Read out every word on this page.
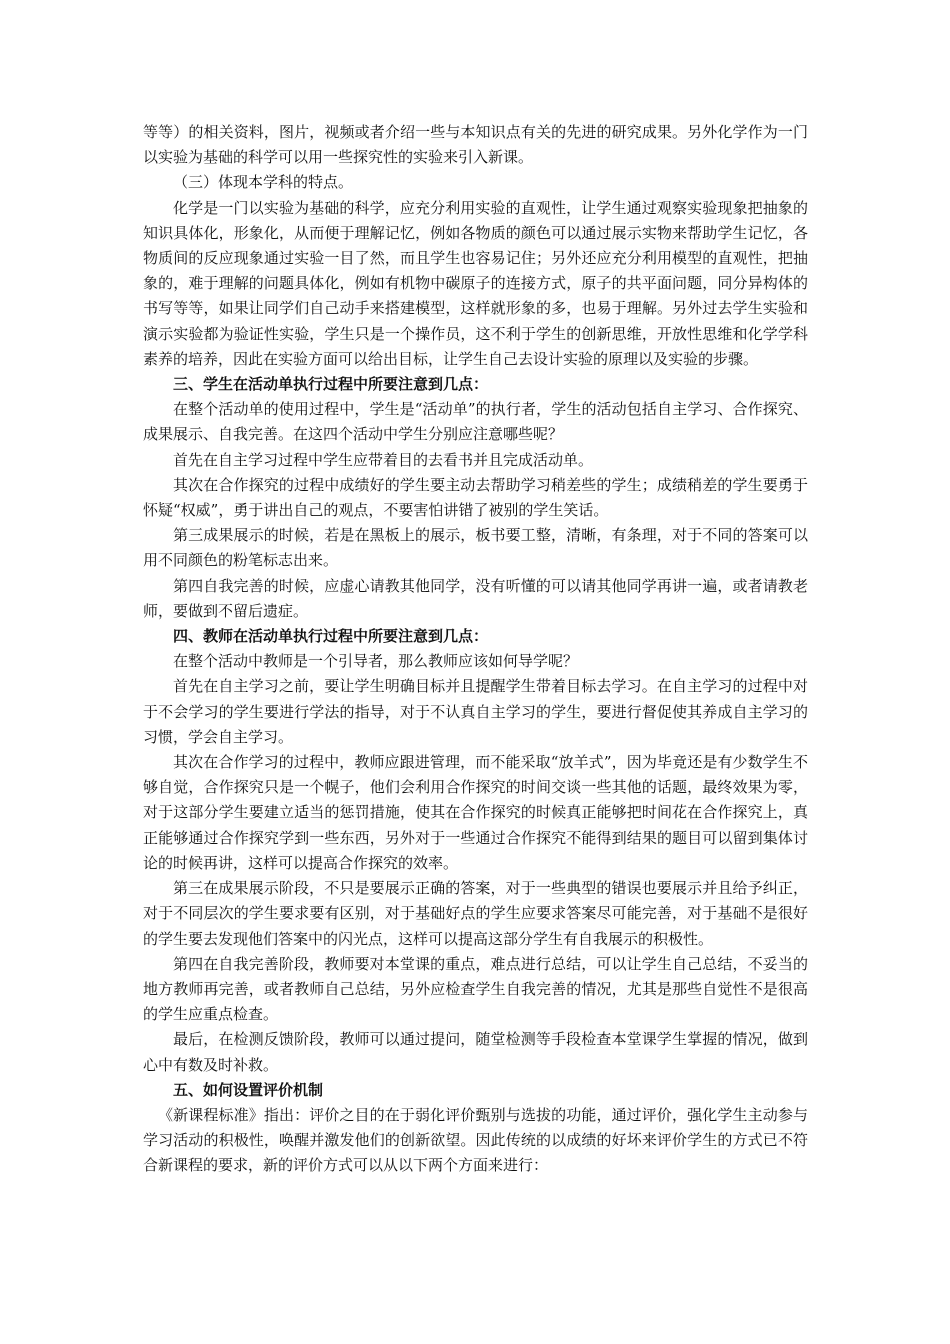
等等）的相关资料，图片，视频或者介绍一些与本知识点有关的先进的研究成果。另外化学作为一门以实验为基础的科学可以用一些探究性的实验来引入新课。

（三）体现本学科的特点。

化学是一门以实验为基础的科学，应充分利用实验的直观性，让学生通过观察实验现象把抽象的知识具体化，形象化，从而便于理解记忆，例如各物质的颜色可以通过展示实物来帮助学生记忆，各物质间的反应现象通过实验一目了然，而且学生也容易记住；另外还应充分利用模型的直观性，把抽象的，难于理解的问题具体化，例如有机物中碳原子的连接方式，原子的共平面问题，同分异构体的书写等等，如果让同学们自己动手来搭建模型，这样就形象的多，也易于理解。另外过去学生实验和演示实验都为验证性实验，学生只是一个操作员，这不利于学生的创新思维，开放性思维和化学学科素养的培养，因此在实验方面可以给出目标，让学生自己去设计实验的原理以及实验的步骤。

三、学生在活动单执行过程中所要注意到几点：

在整个活动单的使用过程中，学生是“活动单”的执行者，学生的活动包括自主学习、合作探究、成果展示、自我完善。在这四个活动中学生分别应注意哪些呢？

首先在自主学习过程中学生应带着目的去看书并且完成活动单。

其次在合作探究的过程中成绩好的学生要主动去帮助学习稍差些的学生；成绩稍差的学生要勇于怀疑“权威”，勇于讲出自己的观点，不要害怕讲错了被别的学生笑话。

第三成果展示的时候，若是在黑板上的展示，板书要工整，清晰，有条理，对于不同的答案可以用不同颜色的粉笔标志出来。

第四自我完善的时候，应虚心请教其他同学，没有听懂的可以请其他同学再讲一遍，或者请教老师，要做到不留后遗症。

四、教师在活动单执行过程中所要注意到几点：

在整个活动中教师是一个引导者，那么教师应该如何导学呢？

首先在自主学习之前，要让学生明确目标并且提醒学生带着目标去学习。在自主学习的过程中对于不会学习的学生要进行学法的指导，对于不认真自主学习的学生，要进行督促使其养成自主学习的习惯，学会自主学习。

其次在合作学习的过程中，教师应跟进管理，而不能采取“放羊式”，因为毕竟还是有少数学生不够自觉，合作探究只是一个幌子，他们会利用合作探究的时间交谈一些其他的话题，最终效果为零，对于这部分学生要建立适当的惩罚措施，使其在合作探究的时候真正能够把时间花在合作探究上，真正能够通过合作探究学到一些东西，另外对于一些通过合作探究不能得到结果的题目可以留到集体讨论的时候再讲，这样可以提高合作探究的效率。

第三在成果展示阶段，不只是要展示正确的答案，对于一些典型的错误也要展示并且给予纠正，对于不同层次的学生要求要有区别，对于基础好点的学生应要求答案尽可能完善，对于基础不是很好的学生要去发现他们答案中的闪光点，这样可以提高这部分学生有自我展示的积极性。

第四在自我完善阶段，教师要对本堂课的重点，难点进行总结，可以让学生自己总结，不妥当的地方教师再完善，或者教师自己总结，另外应检查学生自我完善的情况，尤其是那些自觉性不是很高的学生应重点检查。

最后，在检测反馈阶段，教师可以通过提问，随堂检测等手段检查本堂课学生掌握的情况，做到心中有数及时补救。

五、如何设置评价机制

《新课程标准》指出：评价之目的在于弱化评价甄别与选拔的功能，通过评价，强化学生主动参与学习活动的积极性，唤醒并激发他们的创新欲望。因此传统的以成绩的好坏来评价学生的方式已不符合新课程的要求，新的评价方式可以从以下两个方面来进行：
